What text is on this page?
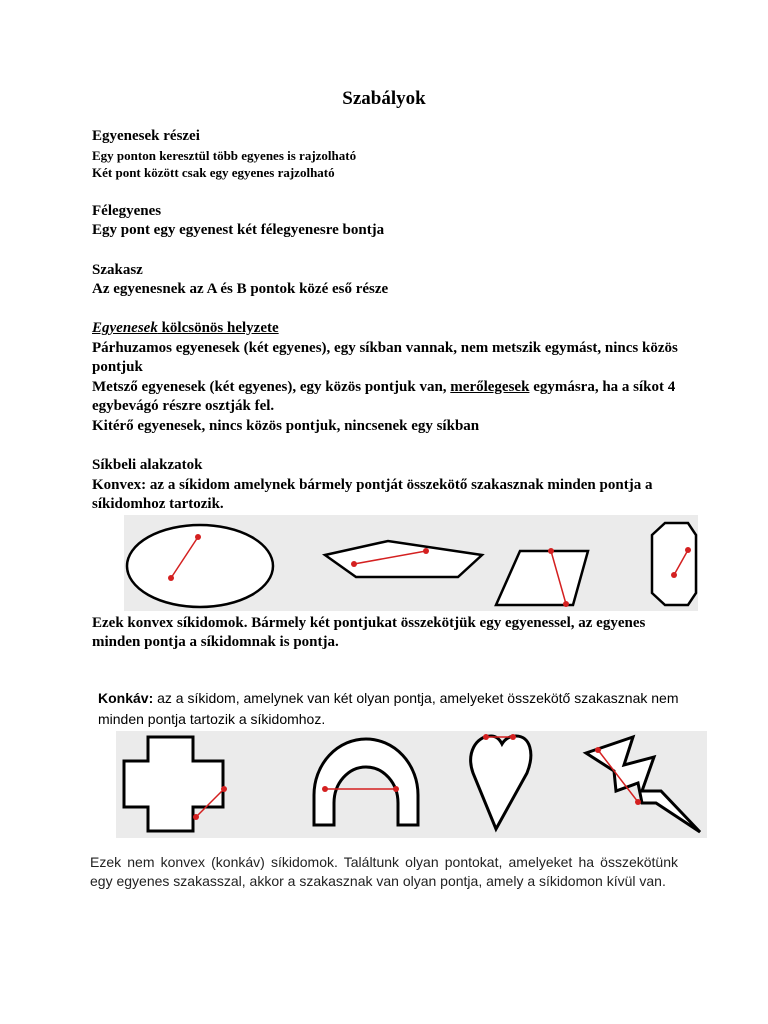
Szabályok
Egyenesek részei
Egy ponton keresztül több egyenes is rajzolható
Két pont között csak egy egyenes rajzolható
Félegyenes
Egy pont egy egyenest két félegyenesre bontja
Szakasz
Az egyenesnek az A és B pontok közé eső része
Egyenesek kölcsönös helyzete
Párhuzamos egyenesek (két egyenes), egy síkban vannak, nem metszik egymást, nincs közös pontjuk
Metsző egyenesek (két egyenes), egy közös pontjuk van, merőlegesek egymásra, ha a síkot 4 egybevágó részre osztják fel.
Kitérő egyenesek, nincs közös pontjuk, nincsenek egy síkban
Síkbeli alakzatok
Konvex: az a síkidom amelynek bármely pontját összekötő szakasznak minden pontja a síkidomhoz tartozik.
Ezek konvex síkidomok. Bármely két pontjukat összekötjük egy egyenessel, az egyenes minden pontja a síkidomnak is pontja.
Konkáv: az a síkidom, amelynek van két olyan pontja, amelyeket összekötő szakasznak nem minden pontja tartozik a síkidomhoz.
Ezek nem konvex (konkáv) síkidomok. Találtunk olyan pontokat, amelyeket ha összekötünk egy egyenes szakasszal, akkor a szakasznak van olyan pontja, amely a síkidomon kívül van.
